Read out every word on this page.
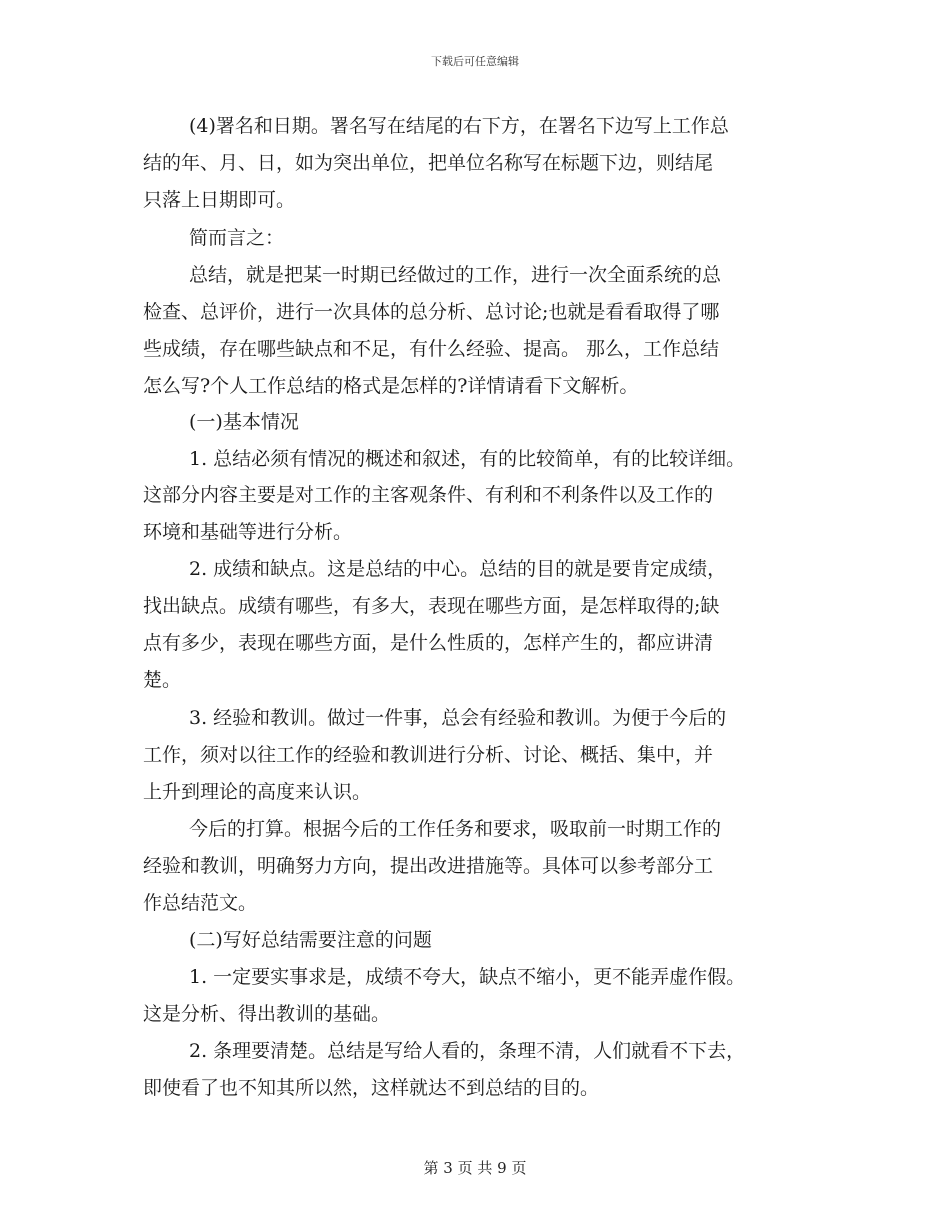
下载后可任意编辑
(4)署名和日期。署名写在结尾的右下方，在署名下边写上工作总
结的年、月、日，如为突出单位，把单位名称写在标题下边，则结尾
只落上日期即可。
简而言之：
总结，就是把某一时期已经做过的工作，进行一次全面系统的总
检查、总评价，进行一次具体的总分析、总讨论;也就是看看取得了哪
些成绩，存在哪些缺点和不足，有什么经验、提高。 那么，工作总结
怎么写?个人工作总结的格式是怎样的?详情请看下文解析。
(一)基本情况
1. 总结必须有情况的概述和叙述，有的比较简单，有的比较详细。
这部分内容主要是对工作的主客观条件、有利和不利条件以及工作的
环境和基础等进行分析。
2. 成绩和缺点。这是总结的中心。总结的目的就是要肯定成绩，
找出缺点。成绩有哪些，有多大，表现在哪些方面，是怎样取得的;缺
点有多少，表现在哪些方面，是什么性质的，怎样产生的，都应讲清
楚。
3. 经验和教训。做过一件事，总会有经验和教训。为便于今后的
工作，须对以往工作的经验和教训进行分析、讨论、概括、集中，并
上升到理论的高度来认识。
今后的打算。根据今后的工作任务和要求，吸取前一时期工作的
经验和教训，明确努力方向，提出改进措施等。具体可以参考部分工
作总结范文。
(二)写好总结需要注意的问题
1. 一定要实事求是，成绩不夸大，缺点不缩小，更不能弄虚作假。
这是分析、得出教训的基础。
2. 条理要清楚。总结是写给人看的，条理不清，人们就看不下去，
即使看了也不知其所以然，这样就达不到总结的目的。
第 3 页 共 9 页
